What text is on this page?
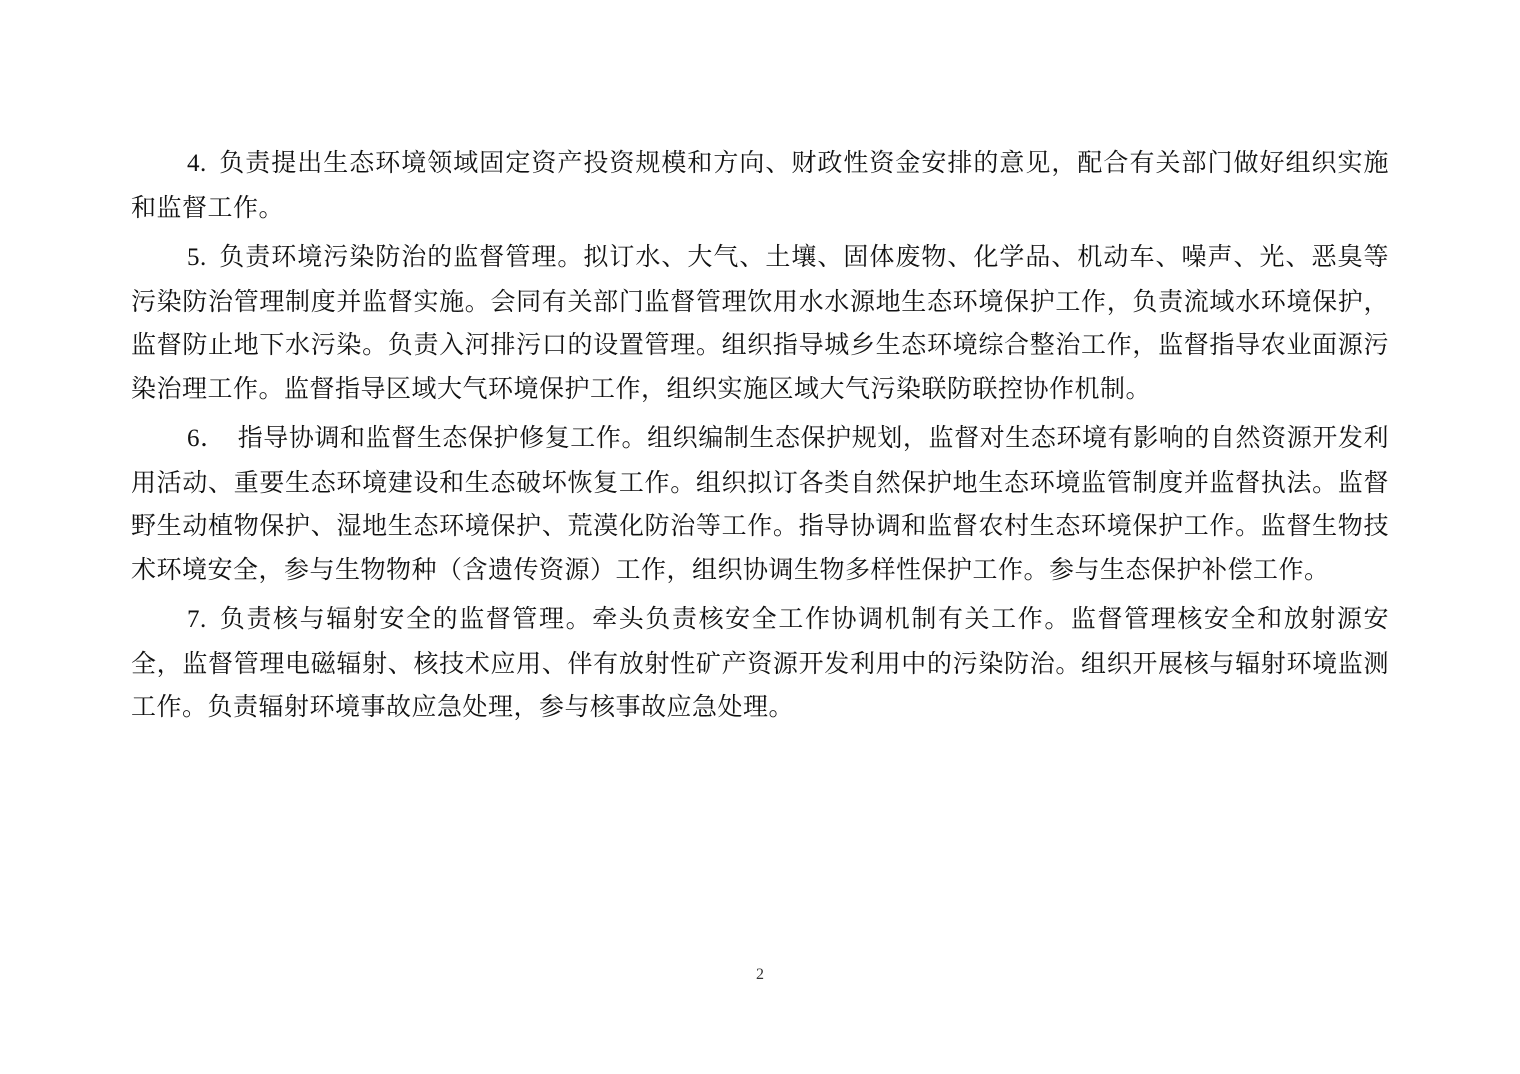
4. 负责提出生态环境领域固定资产投资规模和方向、财政性资金安排的意见，配合有关部门做好组织实施和监督工作。

5. 负责环境污染防治的监督管理。拟订水、大气、土壤、固体废物、化学品、机动车、噪声、光、恶臭等污染防治管理制度并监督实施。会同有关部门监督管理饮用水水源地生态环境保护工作，负责流域水环境保护，监督防止地下水污染。负责入河排污口的设置管理。组织指导城乡生态环境综合整治工作，监督指导农业面源污染治理工作。监督指导区域大气环境保护工作，组织实施区域大气污染联防联控协作机制。

6． 指导协调和监督生态保护修复工作。组织编制生态保护规划，监督对生态环境有影响的自然资源开发利用活动、重要生态环境建设和生态破坏恢复工作。组织拟订各类自然保护地生态环境监管制度并监督执法。监督野生动植物保护、湿地生态环境保护、荒漠化防治等工作。指导协调和监督农村生态环境保护工作。监督生物技术环境安全，参与生物物种（含遗传资源）工作，组织协调生物多样性保护工作。参与生态保护补偿工作。

7. 负责核与辐射安全的监督管理。牵头负责核安全工作协调机制有关工作。监督管理核安全和放射源安全，监督管理电磁辐射、核技术应用、伴有放射性矿产资源开发利用中的污染防治。组织开展核与辐射环境监测工作。负责辐射环境事故应急处理，参与核事故应急处理。

2
